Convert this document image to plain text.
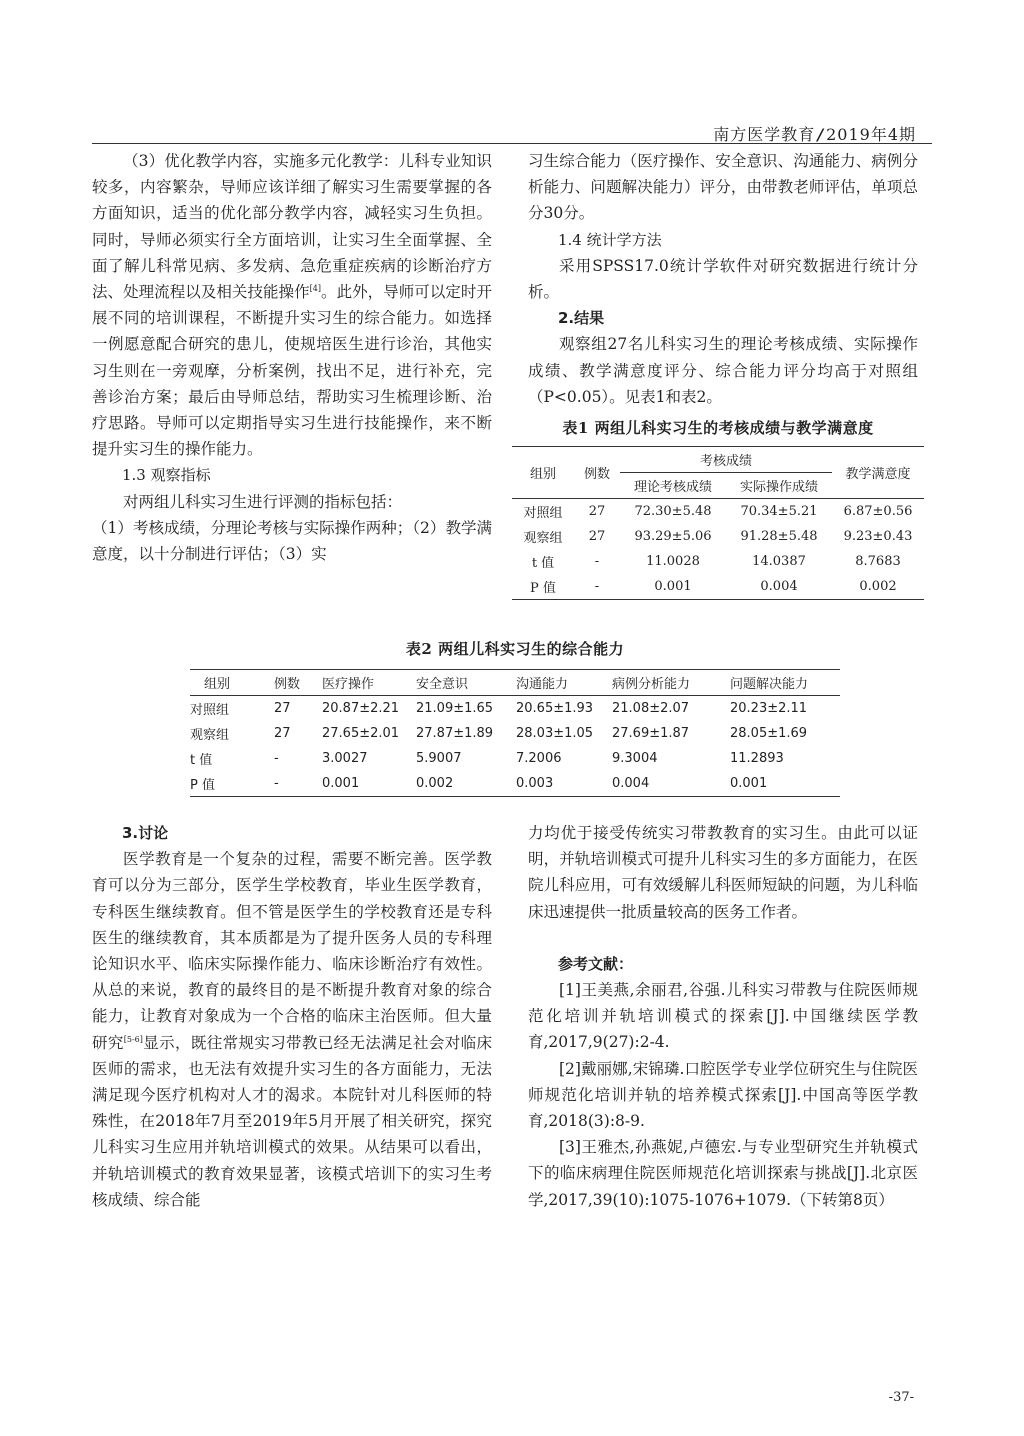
南方医学教育 / 2019年4期

（3）优化教学内容，实施多元化教学：儿科专业知识较多，内容繁杂，导师应该详细了解实习生需要掌握的各方面知识，适当的优化部分教学内容，减轻实习生负担。同时，导师必须实行全方面培训，让实习生全面掌握、全面了解儿科常见病、多发病、急危重症疾病的诊断治疗方法、处理流程以及相关技能操作[4]。此外，导师可以定时开展不同的培训课程，不断提升实习生的综合能力。如选择一例愿意配合研究的患儿，使规培医生进行诊治，其他实习生则在一旁观摩，分析案例，找出不足，进行补充，完善诊治方案；最后由导师总结，帮助实习生梳理诊断、治疗思路。导师可以定期指导实习生进行技能操作，来不断提升实习生的操作能力。

1.3 观察指标

对两组儿科实习生进行评测的指标包括：

（1）考核成绩，分理论考核与实际操作两种；（2）教学满意度，以十分制进行评估；（3）实

习生综合能力（医疗操作、安全意识、沟通能力、病例分析能力、问题解决能力）评分，由带教老师评估，单项总分30分。

1.4 统计学方法

采用SPSS17.0统计学软件对研究数据进行统计分析。

2.结果

观察组27名儿科实习生的理论考核成绩、实际操作成绩、教学满意度评分、综合能力评分均高于对照组（P<0.05）。见表1和表2。

表1 两组儿科实习生的考核成绩与教学满意度
组别	例数	考核成绩		教学满意度
		理论考核成绩	实际操作成绩	
对照组	27	72.30±5.48	70.34±5.21	6.87±0.56
观察组	27	93.29±5.06	91.28±5.48	9.23±0.43
t 值	-	11.0028	14.0387	8.7683
P 值	-	0.001	0.004	0.002
表2 两组儿科实习生的综合能力
组别	例数	医疗操作	安全意识	沟通能力	病例分析能力	问题解决能力
对照组	27	20.87±2.21	21.09±1.65	20.65±1.93	21.08±2.07	20.23±2.11
观察组	27	27.65±2.01	27.87±1.89	28.03±1.05	27.69±1.87	28.05±1.69
t 值	-	3.0027	5.9007	7.2006	9.3004	11.2893
P 值	-	0.001	0.002	0.003	0.004	0.001

3.讨论

医学教育是一个复杂的过程，需要不断完善。医学教育可以分为三部分，医学生学校教育，毕业生医学教育，专科医生继续教育。但不管是医学生的学校教育还是专科医生的继续教育，其本质都是为了提升医务人员的专科理论知识水平、临床实际操作能力、临床诊断治疗有效性。从总的来说，教育的最终目的是不断提升教育对象的综合能力，让教育对象成为一个合格的临床主治医师。但大量研究[5-6]显示，既往常规实习带教已经无法满足社会对临床医师的需求，也无法有效提升实习生的各方面能力，无法满足现今医疗机构对人才的渴求。本院针对儿科医师的特殊性，在2018年7月至2019年5月开展了相关研究，探究儿科实习生应用并轨培训模式的效果。从结果可以看出，并轨培训模式的教育效果显著，该模式培训下的实习生考核成绩、综合能

力均优于接受传统实习带教教育的实习生。由此可以证明，并轨培训模式可提升儿科实习生的多方面能力，在医院儿科应用，可有效缓解儿科医师短缺的问题，为儿科临床迅速提供一批质量较高的医务工作者。

参考文献：

[1]王美燕,余丽君,谷强.儿科实习带教与住院医师规范化培训并轨培训模式的探索[J].中国继续医学教育,2017,9(27):2-4.

[2]戴丽娜,宋锦璘.口腔医学专业学位研究生与住院医师规范化培训并轨的培养模式探索[J].中国高等医学教育,2018(3):8-9.

[3]王雅杰,孙燕妮,卢德宏.与专业型研究生并轨模式下的临床病理住院医师规范化培训探索与挑战[J].北京医学,2017,39(10):1075-1076+1079.（下转第8页）

-37-
